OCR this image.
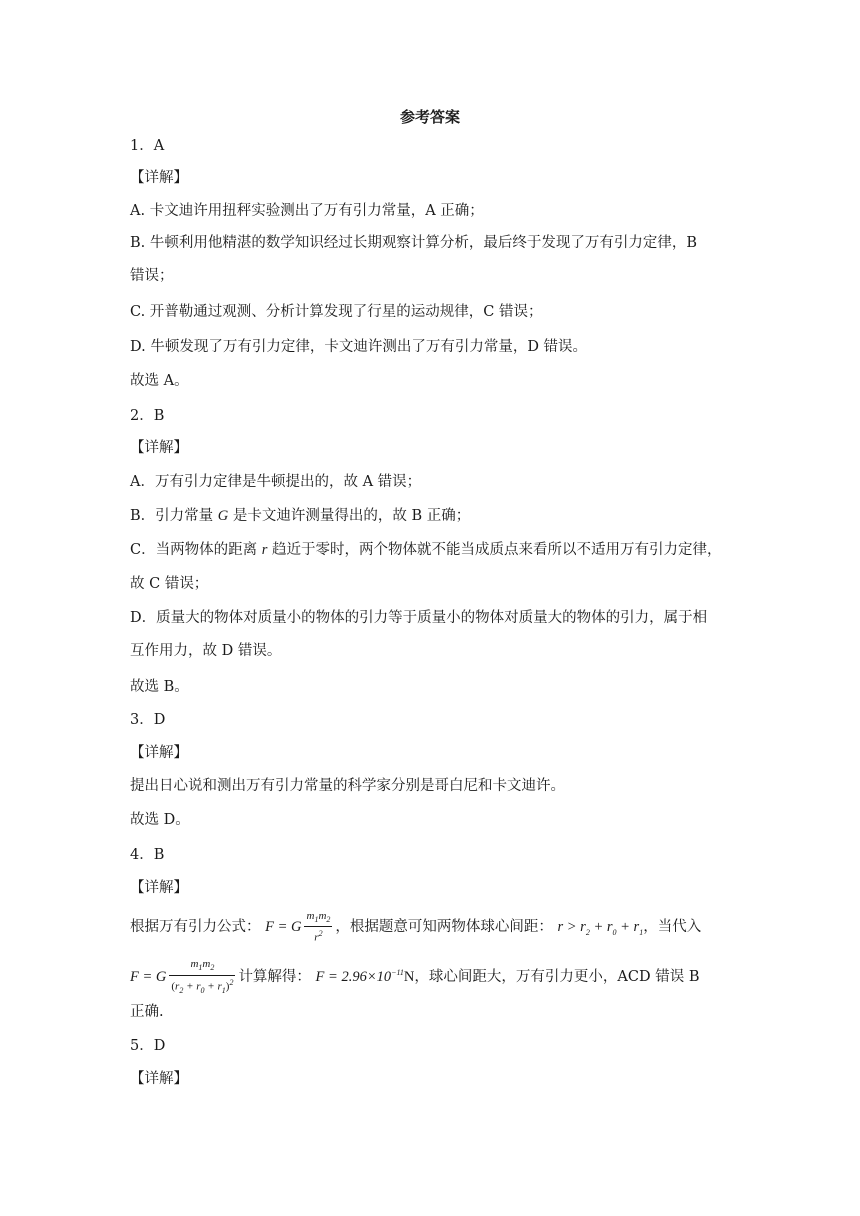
参考答案
1．A
【详解】
A. 卡文迪许用扭秤实验测出了万有引力常量，A 正确；
B. 牛顿利用他精湛的数学知识经过长期观察计算分析，最后终于发现了万有引力定律，B
错误；
C. 开普勒通过观测、分析计算发现了行星的运动规律，C 错误；
D. 牛顿发现了万有引力定律，卡文迪许测出了万有引力常量，D 错误。
故选 A。
2．B
【详解】
A．万有引力定律是牛顿提出的，故 A 错误；
B．引力常量 G 是卡文迪许测量得出的，故 B 正确；
C．当两物体的距离 r 趋近于零时，两个物体就不能当成质点来看所以不适用万有引力定律，
故 C 错误；
D．质量大的物体对质量小的物体的引力等于质量小的物体对质量大的物体的引力，属于相
互作用力，故 D 错误。
故选 B。
3．D
【详解】
提出日心说和测出万有引力常量的科学家分别是哥白尼和卡文迪许。
故选 D。
4．B
【详解】
根据万有引力公式： F = G $\frac{m_1m_2}{r^2}$ ，根据题意可知两物体球心间距： $r > r_2 + r_0 + r_1$，当代入
F = G $\frac{m_1m_2}{(r_2 + r_0 + r_1)^2}$ 计算解得： $F = 2.96\times 10^{-11}N$，球心间距大，万有引力更小，ACD 错误 B
正确.
5．D
【详解】
